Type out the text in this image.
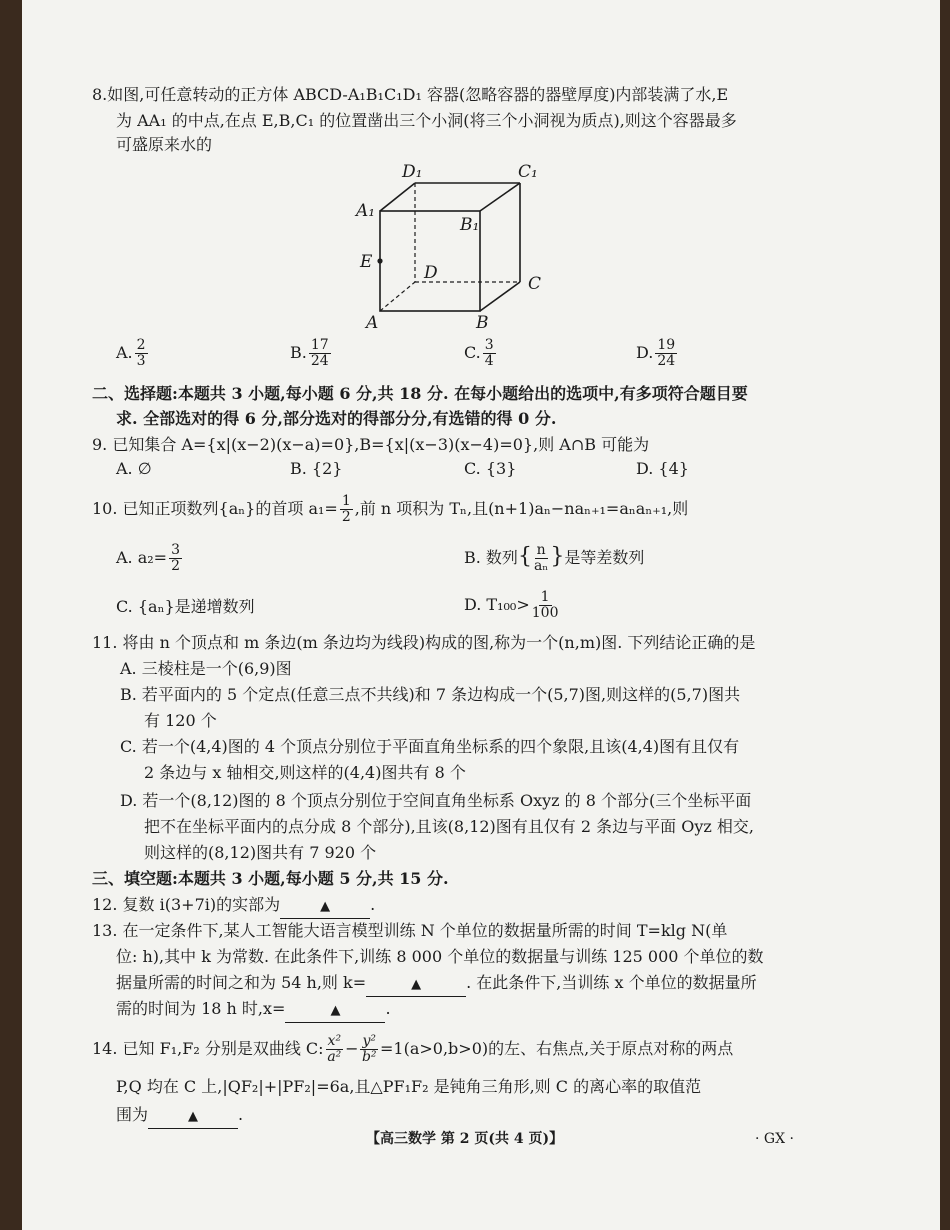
8.如图,可任意转动的正方体 ABCD-A₁B₁C₁D₁ 容器(忽略容器的器壁厚度)内部装满了水,E
为 AA₁ 的中点,在点 E,B,C₁ 的位置凿出三个小洞(将三个小洞视为质点),则这个容器最多
可盛原来水的
D₁	C₁
A₁
B₁
E
D
C
A	B
A. $\frac{2}{3}$	B. $\frac{17}{24}$	C. $\frac{3}{4}$	D. $\frac{19}{24}$
二、选择题:本题共 3 小题,每小题 6 分,共 18 分. 在每小题给出的选项中,有多项符合题目要
求. 全部选对的得 6 分,部分选对的得部分分,有选错的得 0 分.
9. 已知集合 A={x|(x−2)(x−a)=0},B={x|(x−3)(x−4)=0},则 A∩B 可能为
A. ∅	B. {2}	C. {3}	D. {4}
10. 已知正项数列{aₙ}的首项 $a_1= \frac{1}{2}$ ,前 n 项积为 Tₙ,且(n+1)aₙ−naₙ₊₁=aₙaₙ₊₁,则
A. $a_2= \frac{3}{2}$	B. 数列{ $\frac{n}{\text{aₙ}}$ }是等差数列
C. {aₙ}是递增数列	D. $T_{100}> \frac{1}{100}$
11. 将由 n 个顶点和 m 条边(m 条边均为线段)构成的图,称为一个(n,m)图. 下列结论正确的是
A. 三棱柱是一个(6,9)图
B. 若平面内的 5 个定点(任意三点不共线)和 7 条边构成一个(5,7)图,则这样的(5,7)图共
有 120 个
C. 若一个(4,4)图的 4 个顶点分别位于平面直角坐标系的四个象限,且该(4,4)图有且仅有
2 条边与 x 轴相交,则这样的(4,4)图共有 8 个
D. 若一个(8,12)图的 8 个顶点分别位于空间直角坐标系 Oxyz 的 8 个部分(三个坐标平面
把不在坐标平面内的点分成 8 个部分),且该(8,12)图有且仅有 2 条边与平面 Oyz 相交,
则这样的(8,12)图共有 7 920 个
三、填空题:本题共 3 小题,每小题 5 分,共 15 分.
12. 复数 i(3+7i)的实部为	▲	.
13. 在一定条件下,某人工智能大语言模型训练 N 个单位的数据量所需的时间 T=klg N(单
位: h),其中 k 为常数. 在此条件下,训练 8 000 个单位的数据量与训练 125 000 个单位的数
据量所需的时间之和为 54 h,则 k=	▲	. 在此条件下,当训练 x 个单位的数据量所
需的时间为 18 h 时,x=	▲	.
14. 已知 F₁,F₂ 分别是双曲线 C: $\frac{\text{x²}}{\text{a²}} - \frac{\text{y²}}{\text{b²}} =1(a>0,b>0)$的左、右焦点,关于原点对称的两点
P,Q 均在 C 上,|QF₂|+|PF₂|=6a,且△PF₁F₂ 是钝角三角形,则 C 的离心率的取值范
围为	▲	.
【高三数学 第 2 页(共 4 页)】	· GX ·
